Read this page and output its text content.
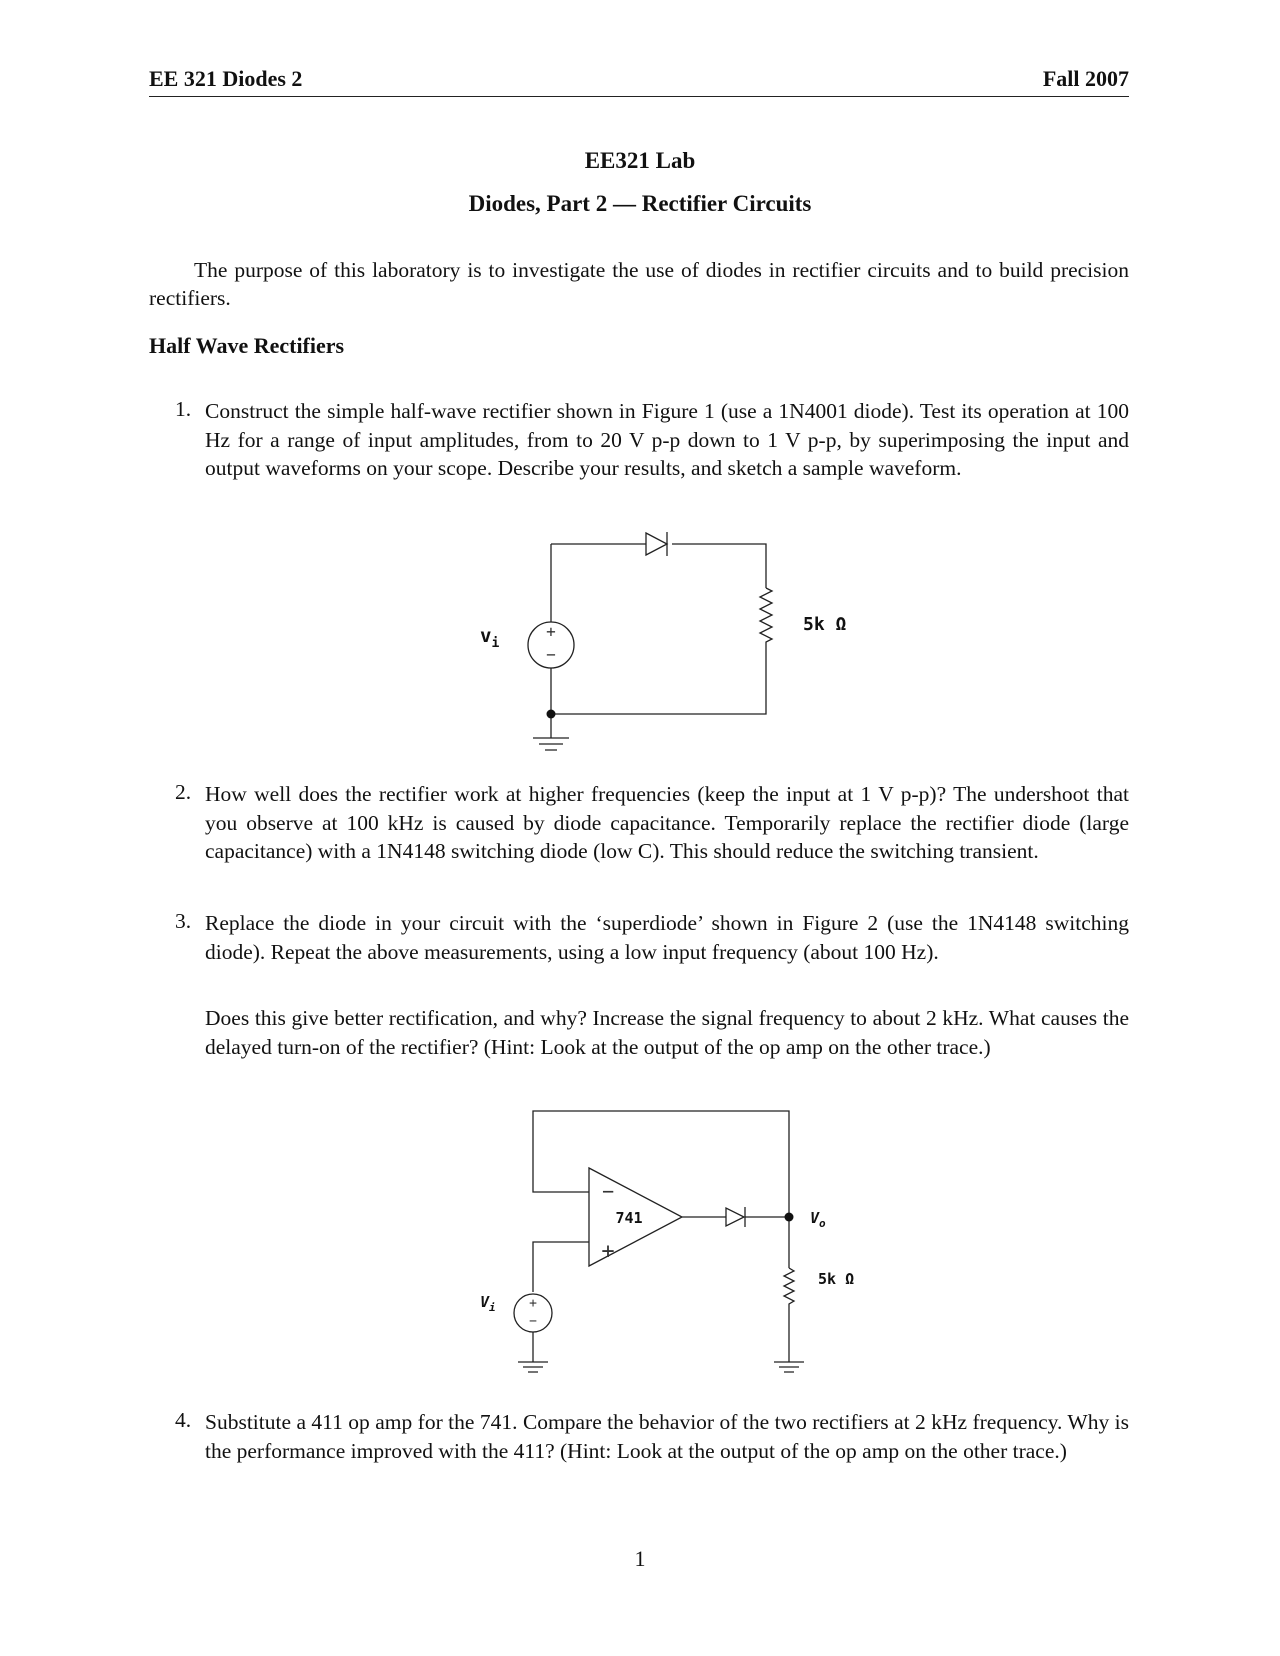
EE 321 Diodes 2	Fall 2007
EE321 Lab
Diodes, Part 2 — Rectifier Circuits
The purpose of this laboratory is to investigate the use of diodes in rectifier circuits and to build precision rectifiers.
Half Wave Rectifiers
1. Construct the simple half-wave rectifier shown in Figure 1 (use a 1N4001 diode). Test its operation at 100 Hz for a range of input amplitudes, from to 20 V p-p down to 1 V p-p, by superimposing the input and output waveforms on your scope. Describe your results, and sketch a sample waveform.
+
−
$v_i$
5k Ω
2. How well does the rectifier work at higher frequencies (keep the input at 1 V p-p)? The undershoot that you observe at 100 kHz is caused by diode capacitance. Temporarily replace the rectifier diode (large capacitance) with a 1N4148 switching diode (low C). This should reduce the switching transient.
3. Replace the diode in your circuit with the ‘superdiode’ shown in Figure 2 (use the 1N4148 switching diode). Repeat the above measurements, using a low input frequency (about 100 Hz).
Does this give better rectification, and why? Increase the signal frequency to about 2 kHz. What causes the delayed turn-on of the rectifier? (Hint: Look at the output of the op amp on the other trace.)
−
+
741
+
−
$V_o$
5k Ω
$V_i$
4. Substitute a 411 op amp for the 741. Compare the behavior of the two rectifiers at 2 kHz frequency. Why is the performance improved with the 411? (Hint: Look at the output of the op amp on the other trace.)
1
